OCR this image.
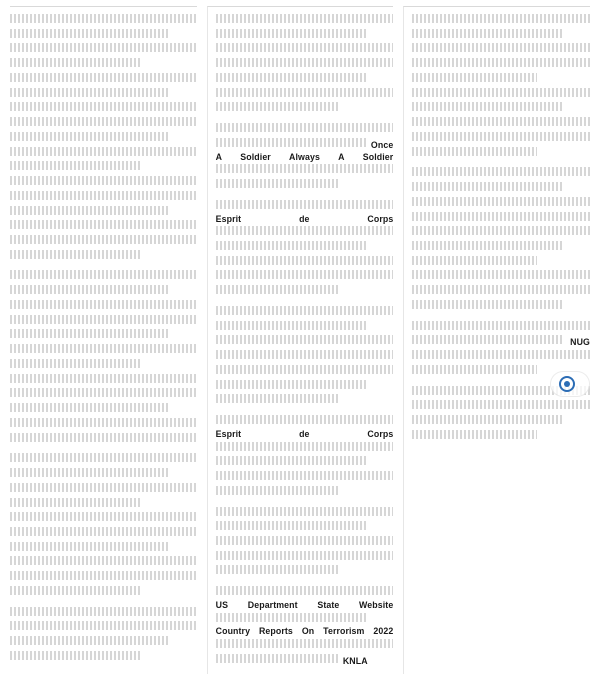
Once A Soldier Always A Soldier

Esprit de Corps

Esprit de Corps

US Department State Website  Country Reports On Terrorism 2022  KNLA

NUG
